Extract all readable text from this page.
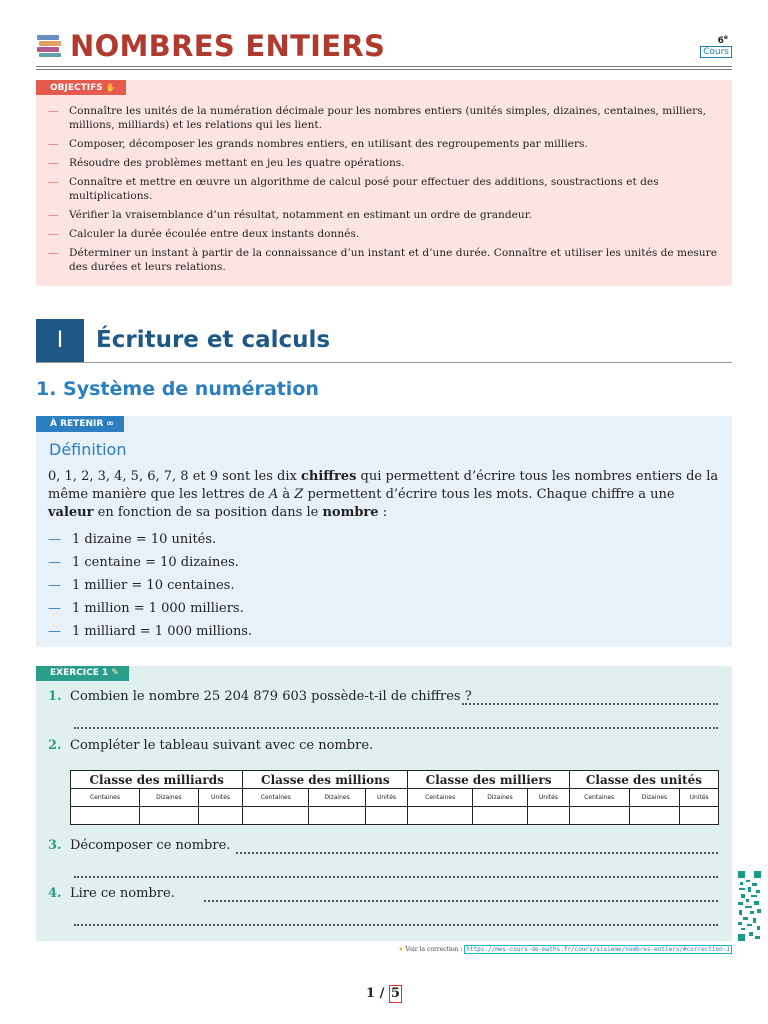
NOMBRES ENTIERS	6e
Cours
OBJECTIFS ✋
— Connaître les unités de la numération décimale pour les nombres entiers (unités simples, dizaines, centaines, milliers, millions, milliards) et les relations qui les lient.
— Composer, décomposer les grands nombres entiers, en utilisant des regroupements par milliers.
— Résoudre des problèmes mettant en jeu les quatre opérations.
— Connaître et mettre en œuvre un algorithme de calcul posé pour effectuer des additions, soustractions et des multiplications.
— Vérifier la vraisemblance d’un résultat, notamment en estimant un ordre de grandeur.
— Calculer la durée écoulée entre deux instants donnés.
— Déterminer un instant à partir de la connaissance d’un instant et d’une durée. Connaître et utiliser les unités de mesure des durées et leurs relations.
I	Écriture et calculs
1. Système de numération
À RETENIR ∞
Définition
0, 1, 2, 3, 4, 5, 6, 7, 8 et 9 sont les dix chiffres qui permettent d’écrire tous les nombres entiers de la même manière que les lettres de A à Z permettent d’écrire tous les mots. Chaque chiffre a une valeur en fonction de sa position dans le nombre :
— 1 dizaine = 10 unités.
— 1 centaine = 10 dizaines.
— 1 millier = 10 centaines.
— 1 million = 1 000 milliers.
— 1 milliard = 1 000 millions.
EXERCICE 1 ✎
1. Combien le nombre 25 204 879 603 possède-t-il de chiffres ?
2. Compléter le tableau suivant avec ce nombre.
Classe des milliards			Classe des millions			Classe des milliers			Classe des unités		
Centaines	Dizaines	Unités	Centaines	Dizaines	Unités	Centaines	Dizaines	Unités	Centaines	Dizaines	Unités

3. Décomposer ce nombre.
4. Lire ce nombre.
★ Voir la correction : https://mes-cours-de-maths.fr/cours/sixieme/nombres-entiers/#correction-1
1 / 5
